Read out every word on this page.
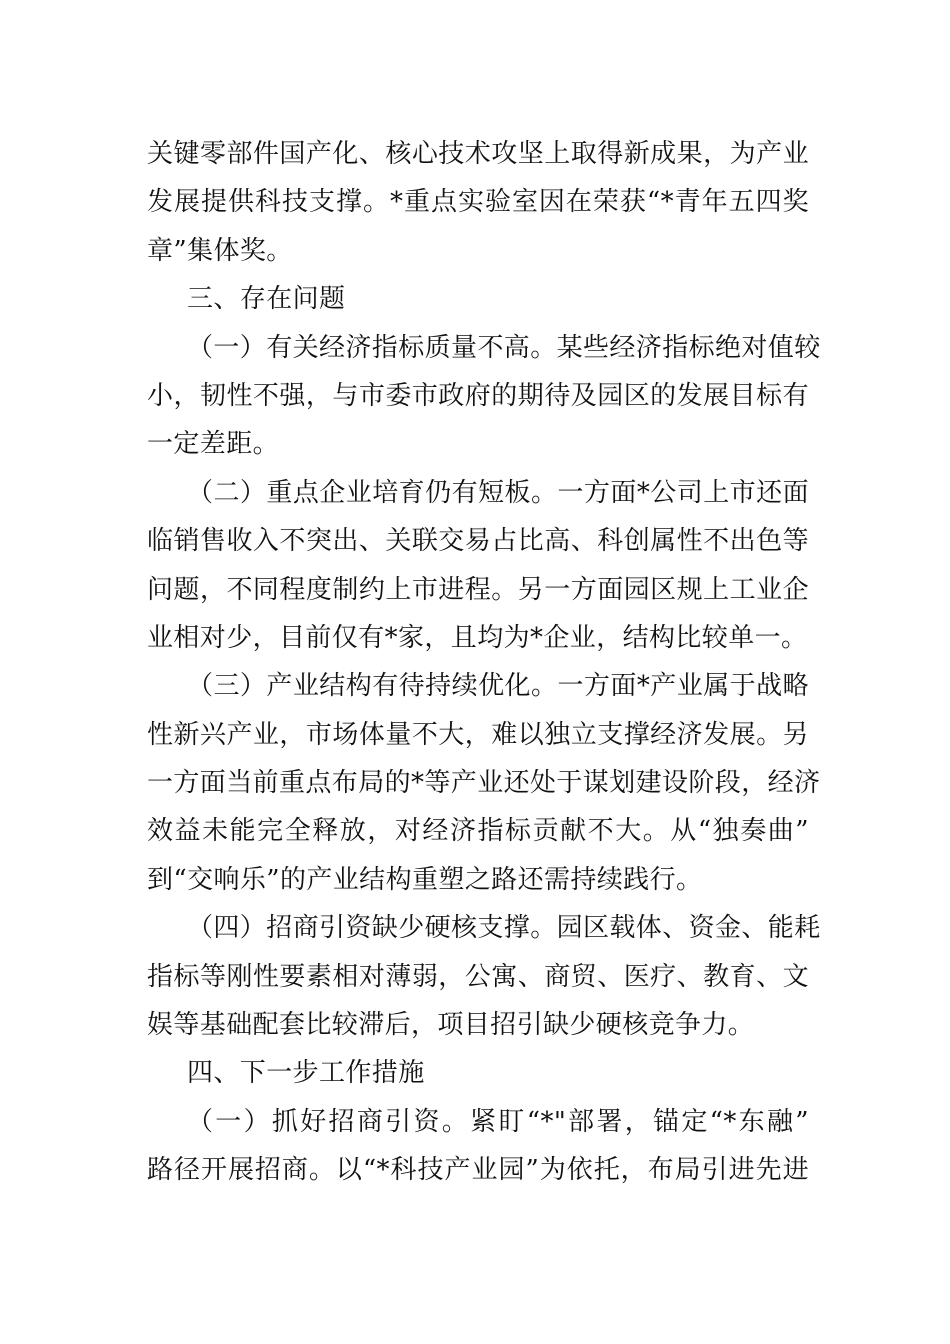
关键零部件国产化、核心技术攻坚上取得新成果，为产业
发展提供科技支撑。*重点实验室因在荣获“*青年五四奖
章”集体奖。
三、存在问题
（一）有关经济指标质量不高。某些经济指标绝对值较
小，韧性不强，与市委市政府的期待及园区的发展目标有
一定差距。
（二）重点企业培育仍有短板。一方面*公司上市还面
临销售收入不突出、关联交易占比高、科创属性不出色等
问题，不同程度制约上市进程。另一方面园区规上工业企
业相对少，目前仅有*家，且均为*企业，结构比较单一。
（三）产业结构有待持续优化。一方面*产业属于战略
性新兴产业，市场体量不大，难以独立支撑经济发展。另
一方面当前重点布局的*等产业还处于谋划建设阶段，经济
效益未能完全释放，对经济指标贡献不大。从“独奏曲”
到“交响乐”的产业结构重塑之路还需持续践行。
（四）招商引资缺少硬核支撑。园区载体、资金、能耗
指标等刚性要素相对薄弱，公寓、商贸、医疗、教育、文
娱等基础配套比较滞后，项目招引缺少硬核竞争力。
四、下一步工作措施
（一）抓好招商引资。紧盯“*"部署，锚定“*东融”
路径开展招商。以“*科技产业园”为依托，布局引进先进
